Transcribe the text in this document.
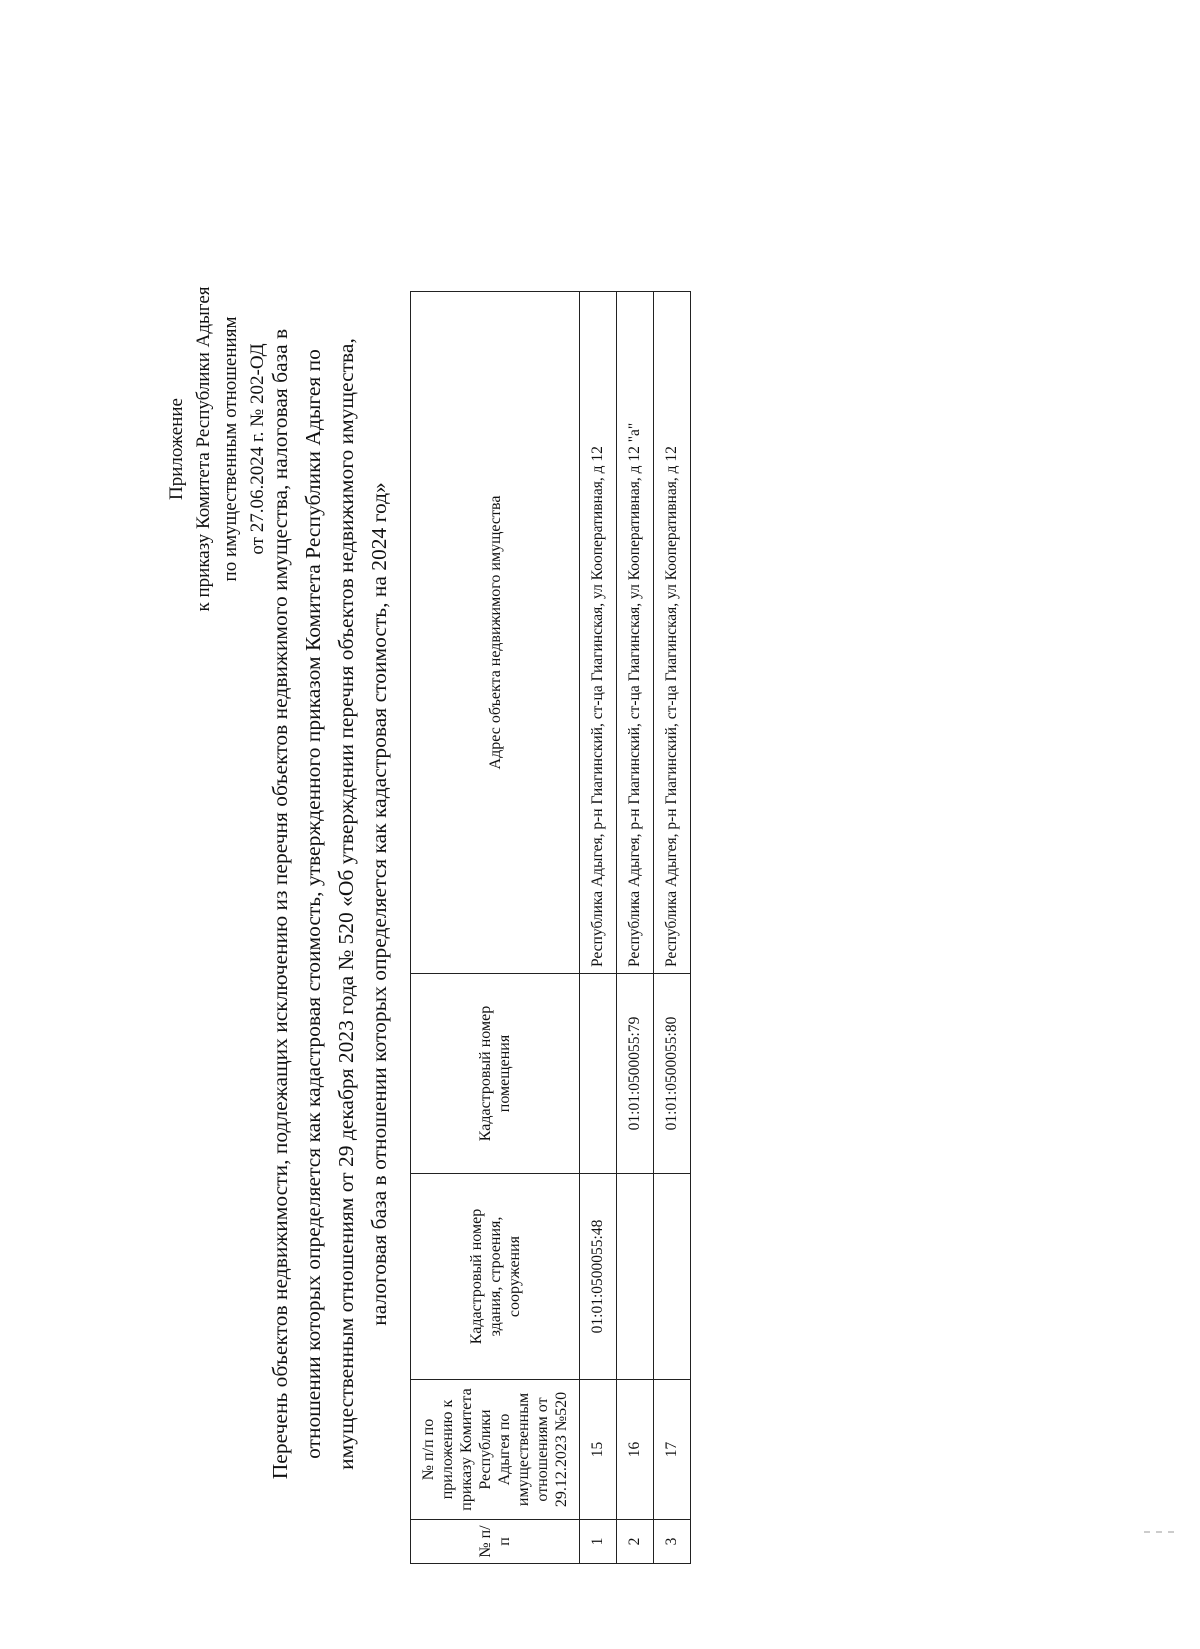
Приложение к приказу Комитета Республики Адыгея по имущественным отношениям от 27.06.2024 г. № 202-ОД Перечень объектов недвижимости, подлежащих исключению из перечня объектов недвижимого имущества, налоговая база в отношении которых определяется как кадастровая стоимость, утвержденного приказом Комитета Республики Адыгея по имущественным отношениям от 29 декабря 2023 года № 520 «Об утверждении перечня объектов недвижимого имущества, налоговая база в отношении которых определяется как кадастровая стоимость, на 2024 год»
№ п/п	№ п/п по приложению к приказу Комитета Республики Адыгея по имущественным отношениям от 29.12.2023 №520	Кадастровый номер здания, строения, сооружения	Кадастровый номер помещения	Адрес объекта недвижимого имущества

1	15	01:01:0500055:48		Республика Адыгея, р-н Гиагинский, ст-ца Гиагинская, ул Кооперативная, д 12
2	16		01:01:0500055:79	Республика Адыгея, р-н Гиагинский, ст-ца Гиагинская, ул Кооперативная, д 12 "а"
3	17		01:01:0500055:80	Республика Адыгея, р-н Гиагинский, ст-ца Гиагинская, ул Кооперативная, д 12
